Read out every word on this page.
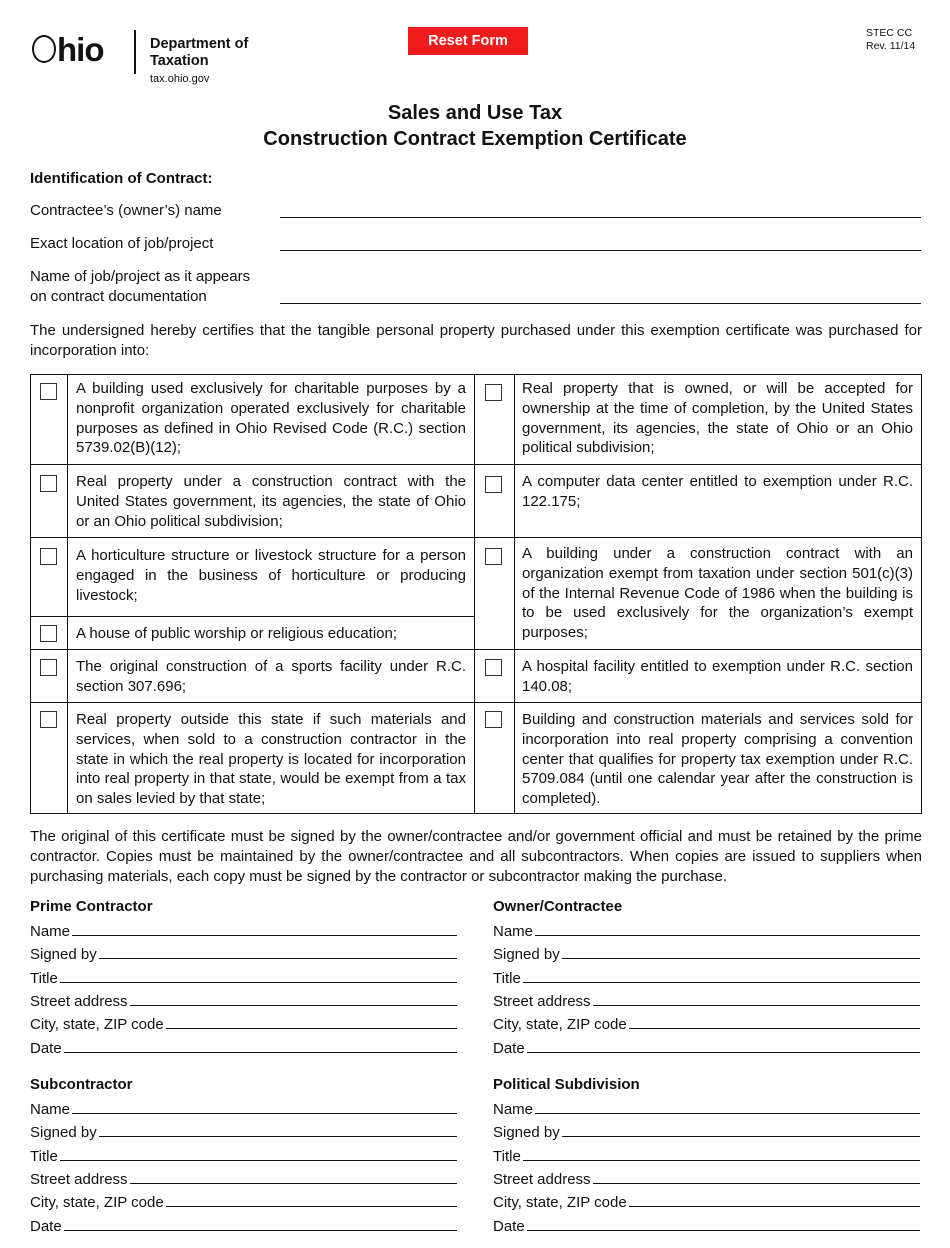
hio	Department of
Taxation
tax.ohio.gov
Reset Form	STEC CC
Rev. 11/14
Sales and Use Tax
Construction Contract Exemption Certificate
Identification of Contract:
Contractee’s (owner’s) name
Exact location of job/project
Name of job/project as it appears
on contract documentation
The undersigned hereby certifies that the tangible personal property purchased under this exemption certificate was purchased for incorporation into:
A building used exclusively for charitable purposes by a nonprofit organization operated exclusively for charitable purposes as defined in Ohio Revised Code (R.C.) section 5739.02(B)(12);
Real property under a construction contract with the United States government, its agencies, the state of Ohio or an Ohio political subdivision;
A horticulture structure or livestock structure for a person engaged in the business of horticulture or producing livestock;
A house of public worship or religious education;
The original construction of a sports facility under R.C. section 307.696;
Real property outside this state if such materials and services, when sold to a construction contractor in the state in which the real property is located for incorporation into real property in that state, would be exempt from a tax on sales levied by that state;
Real property that is owned, or will be accepted for ownership at the time of completion, by the United States government, its agencies, the state of Ohio or an Ohio political subdivision;
A computer data center entitled to exemption under R.C. 122.175;
A building under a construction contract with an organization exempt from taxation under section 501(c)(3) of the Internal Revenue Code of 1986 when the building is to be used exclusively for the organization’s exempt purposes;
A hospital facility entitled to exemption under R.C. section 140.08;
Building and construction materials and services sold for incorporation into real property comprising a convention center that qualifies for property tax exemption under R.C. 5709.084 (until one calendar year after the construction is completed).
The original of this certificate must be signed by the owner/contractee and/or government official and must be retained by the prime contractor. Copies must be maintained by the owner/contractee and all subcontractors. When copies are issued to suppliers when purchasing materials, each copy must be signed by the contractor or subcontractor making the purchase.
Prime Contractor
Name
Signed by
Title
Street address
City, state, ZIP code
Date
Owner/Contractee
Name
Signed by
Title
Street address
City, state, ZIP code
Date
Subcontractor
Name
Signed by
Title
Street address
City, state, ZIP code
Date
Political Subdivision
Name
Signed by
Title
Street address
City, state, ZIP code
Date
